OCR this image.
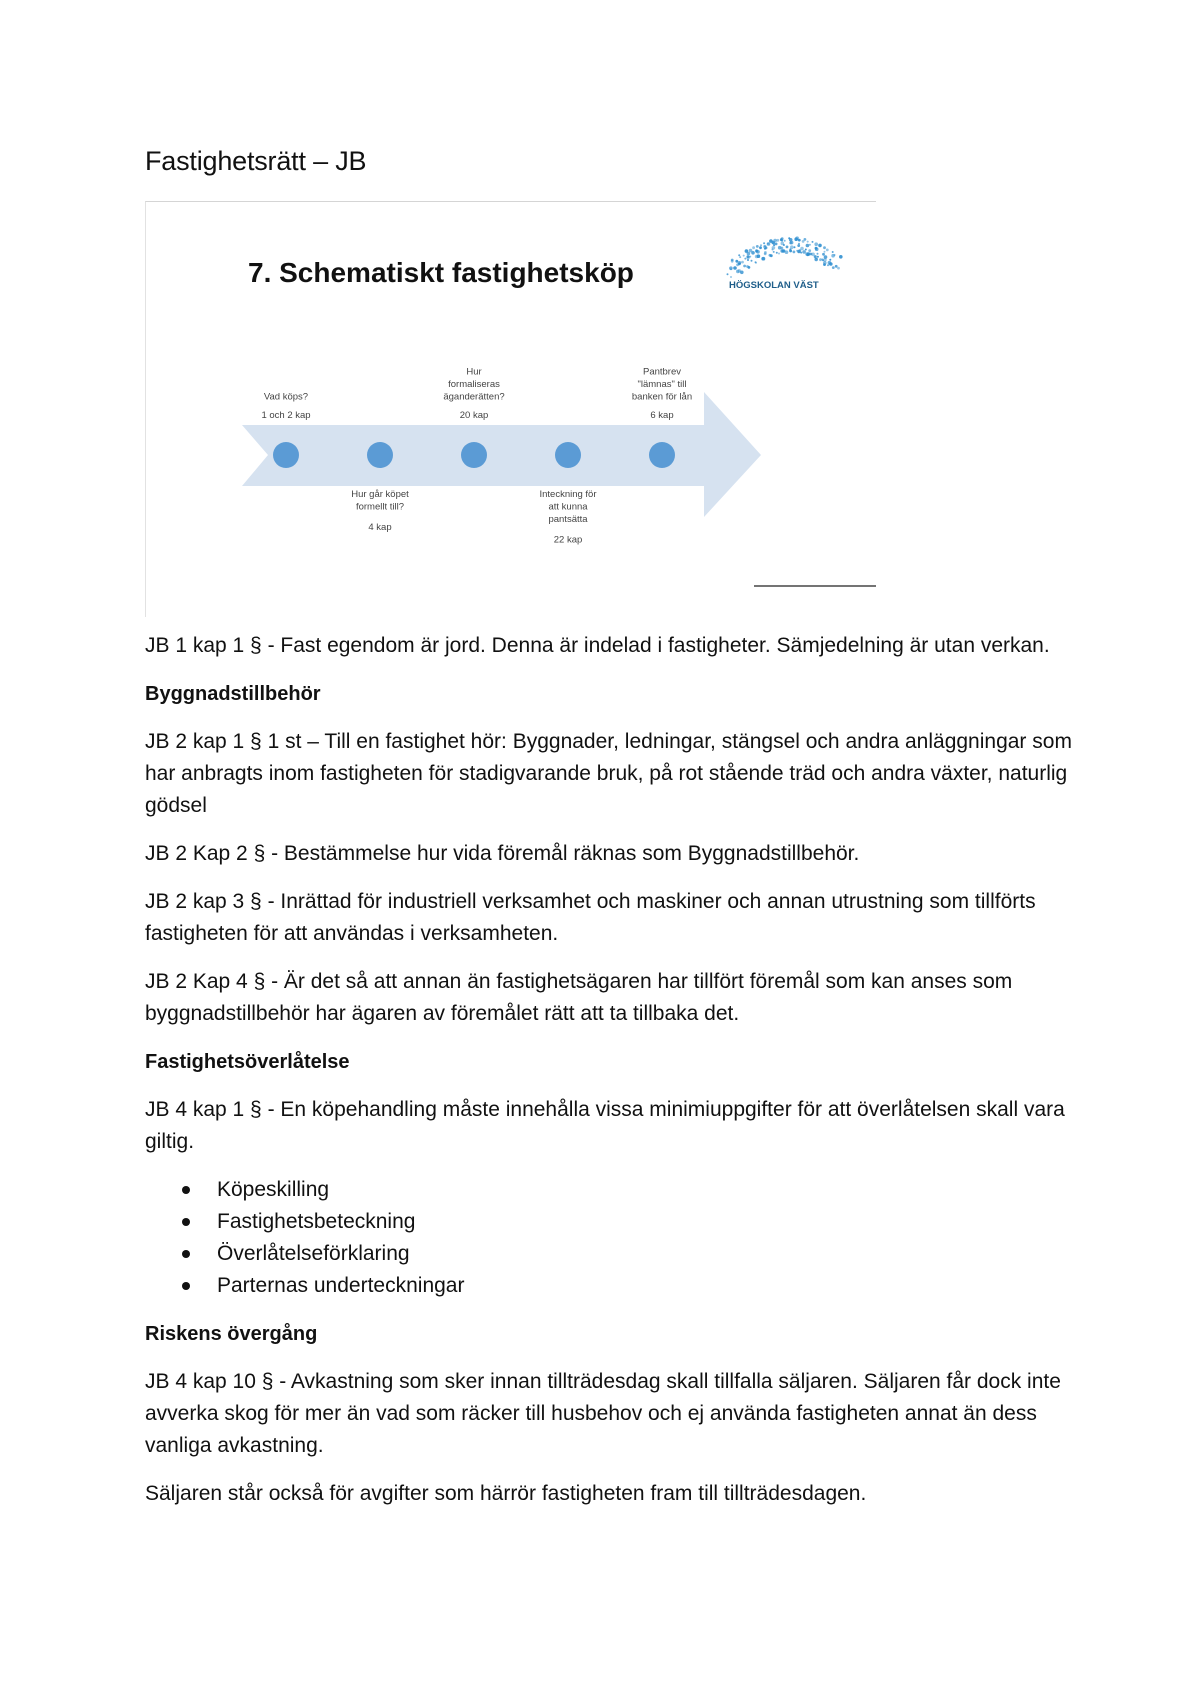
Fastighetsrätt – JB
7. Schematiskt fastighetsköp	HÖGSKOLAN VÄST
Vad köps?
1 och 2 kap
Hur går köpet
formellt till?
4 kap
Hur
formaliseras
äganderätten?
20 kap
Inteckning för
att kunna
pantsätta
22 kap
Pantbrev
"lämnas" till
banken för lån
6 kap

JB 1 kap 1 § - Fast egendom är jord. Denna är indelad i fastigheter. Sämjedelning är utan verkan.

Byggnadstillbehör

JB 2 kap 1 § 1 st – Till en fastighet hör: Byggnader, ledningar, stängsel och andra anläggningar som har anbragts inom fastigheten för stadigvarande bruk, på rot stående träd och andra växter, naturlig gödsel

JB 2 Kap 2 § - Bestämmelse hur vida föremål räknas som Byggnadstillbehör.

JB 2 kap 3 § - Inrättad för industriell verksamhet och maskiner och annan utrustning som tillförts fastigheten för att användas i verksamheten.

JB 2 Kap 4 § - Är det så att annan än fastighetsägaren har tillfört föremål som kan anses som byggnadstillbehör har ägaren av föremålet rätt att ta tillbaka det.

Fastighetsöverlåtelse

JB 4 kap 1 § - En köpehandling måste innehålla vissa minimiuppgifter för att överlåtelsen skall vara giltig.

Köpeskilling
Fastighetsbeteckning
Överlåtelseförklaring
Parternas underteckningar
Riskens övergång

JB 4 kap 10 § - Avkastning som sker innan tillträdesdag skall tillfalla säljaren. Säljaren får dock inte avverka skog för mer än vad som räcker till husbehov och ej använda fastigheten annat än dess vanliga avkastning.

Säljaren står också för avgifter som härrör fastigheten fram till tillträdesdagen.
